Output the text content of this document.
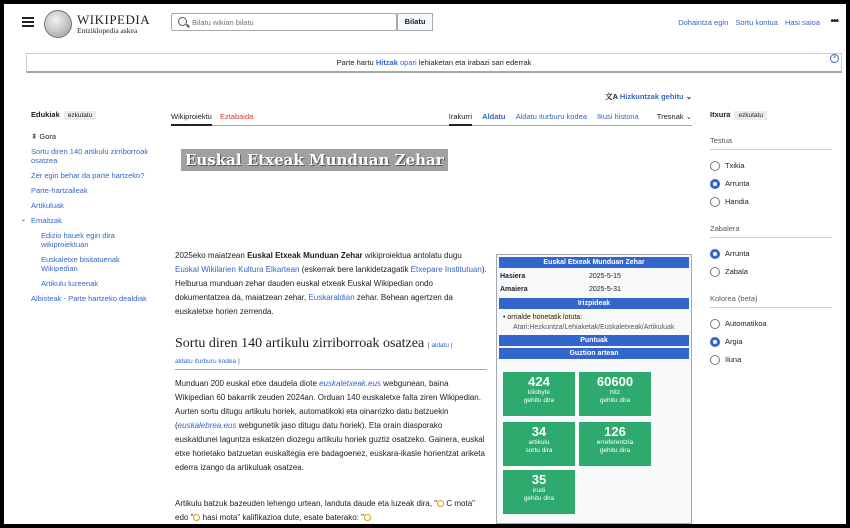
WIKIPEDIA
Entziklopedia askea
Bilatu wikian bilatu
Bilatu	Dohaintza egin Sortu kontua Hasi saioa •••
Parte hartu Hitzak opari lehiaketan eta irabazi sari ederrak	×
Edukiak ezkutatu
⇞ Gora
Sortu diren 140 artikulu zirriborroak osatzea
Zer egin behar da parte hartzeko?
Parte-hartzaileak
Artikuluak
⌄ Emaitzak
Edizio hauek egin dira wikiproiektuan
Euskaletxe bisitatuenak Wikipedian
Artikulu luzeenak
Albisteak - Parte hartzeko dealdiak
Itxura ezkutatu
Testua
Txikia
Arrunta
Handia
Zabalera
Arrunta
Zabala
Kolorea (beta)
Automatikoa
Argia
Iluna
文A Hizkuntzak gehitu ⌄
Wikiproiektu Eztabaida	Irakurri Aldatu Aldatu iturburu kodea Ikusi historia Tresnak ⌄
Euskal Etxeak Munduan Zehar
2025eko maiatzean Euskal Etxeak Munduan Zehar wikiproiektua antolatu dugu Euskal Wikilarien Kultura Elkartean (eskerrak bere lankidetzagatik Etxepare Institutuan). Helburua munduan zehar dauden euskal etxeak Euskal Wikipedian ondo dokumentatzea da, maiatzean zehar, Euskaraldian zehar. Behean agertzen da euskaletxe horien zerrenda.
Sortu diren 140 artikulu zirriborroak osatzea [ aldatu |
aldatu iturburu kodea ]
Munduan 200 euskal etxe daudela diote euskaletxeak.eus webgunean, baina Wikipedian 60 bakarrik zeuden 2024an. Orduan 140 euskaletxe falta ziren Wikipedian. Aurten sortu ditugu artikulu horiek, automatikoki eta oinarrizko datu batzuekin (euskalebrea.eus webgunetik jaso ditugu datu horiek). Eta orain diasporako euskaldunei laguntza eskatzen diozegu artikulu horiek guztiz osatzeko. Gainera, euskal etxe horietako batzuetan euskaltegia ere badagoenez, euskara-ikasle horientzat ariketa ederra izango da artikuluak osatzea.
Artikulu batzuk bazeuden lehengo urtean, landuta daude eta luzeak dira, " C mota" edo " hasi mota" kalifikazioa dute, esate baterako: "
Euskal Etxeak Munduan Zehar
Hasiera	2025-5-15
Amaiera	2025-5-31
Irizpideak
• orrialde honetatik lotuta:
Atari:Hezkuntza/Lehiaketak/Euskaletxeak/Artikuluak
Puntuak
Guztion artean
424
kilobyte
gehitu dira
60600
hitz
gehitu dira
34
artikulu
sortu dira
126
erreferentzia
gehitu dira
35
irudi
gehitu dira
